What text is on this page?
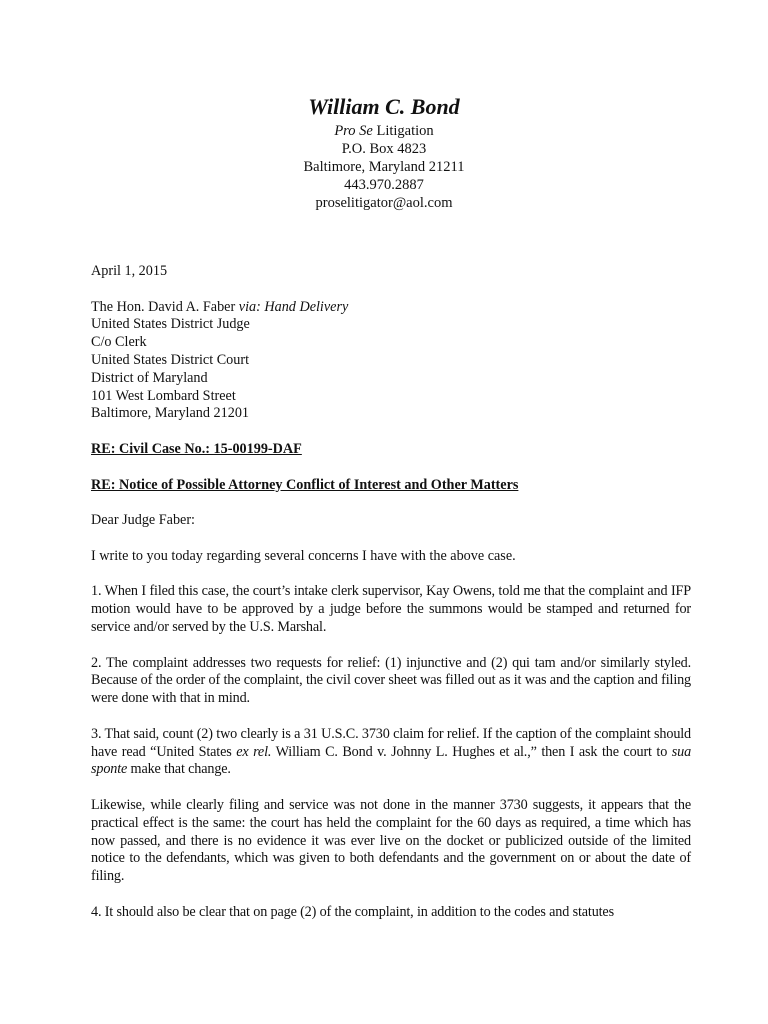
William C. Bond
Pro Se Litigation
P.O. Box 4823
Baltimore, Maryland 21211
443.970.2887
proselitigator@aol.com

April 1, 2015

The Hon. David A. Faber via: Hand Delivery

United States District Judge

C/o Clerk

United States District Court

District of Maryland

101 West Lombard Street

Baltimore, Maryland 21201

RE: Civil Case No.: 15-00199-DAF

RE: Notice of Possible Attorney Conflict of Interest and Other Matters

Dear Judge Faber:

I write to you today regarding several concerns I have with the above case.

1. When I filed this case, the court’s intake clerk supervisor, Kay Owens, told me that the complaint and IFP motion would have to be approved by a judge before the summons would be stamped and returned for service and/or served by the U.S. Marshal.

2. The complaint addresses two requests for relief: (1) injunctive and (2) qui tam and/or similarly styled. Because of the order of the complaint, the civil cover sheet was filled out as it was and the caption and filing were done with that in mind.

3. That said, count (2) two clearly is a 31 U.S.C. 3730 claim for relief. If the caption of the complaint should have read “United States ex rel. William C. Bond v. Johnny L. Hughes et al.,” then I ask the court to sua sponte make that change.

Likewise, while clearly filing and service was not done in the manner 3730 suggests, it appears that the practical effect is the same: the court has held the complaint for the 60 days as required, a time which has now passed, and there is no evidence it was ever live on the docket or publicized outside of the limited notice to the defendants, which was given to both defendants and the government on or about the date of filing.

4. It should also be clear that on page (2) of the complaint, in addition to the codes and statutes
